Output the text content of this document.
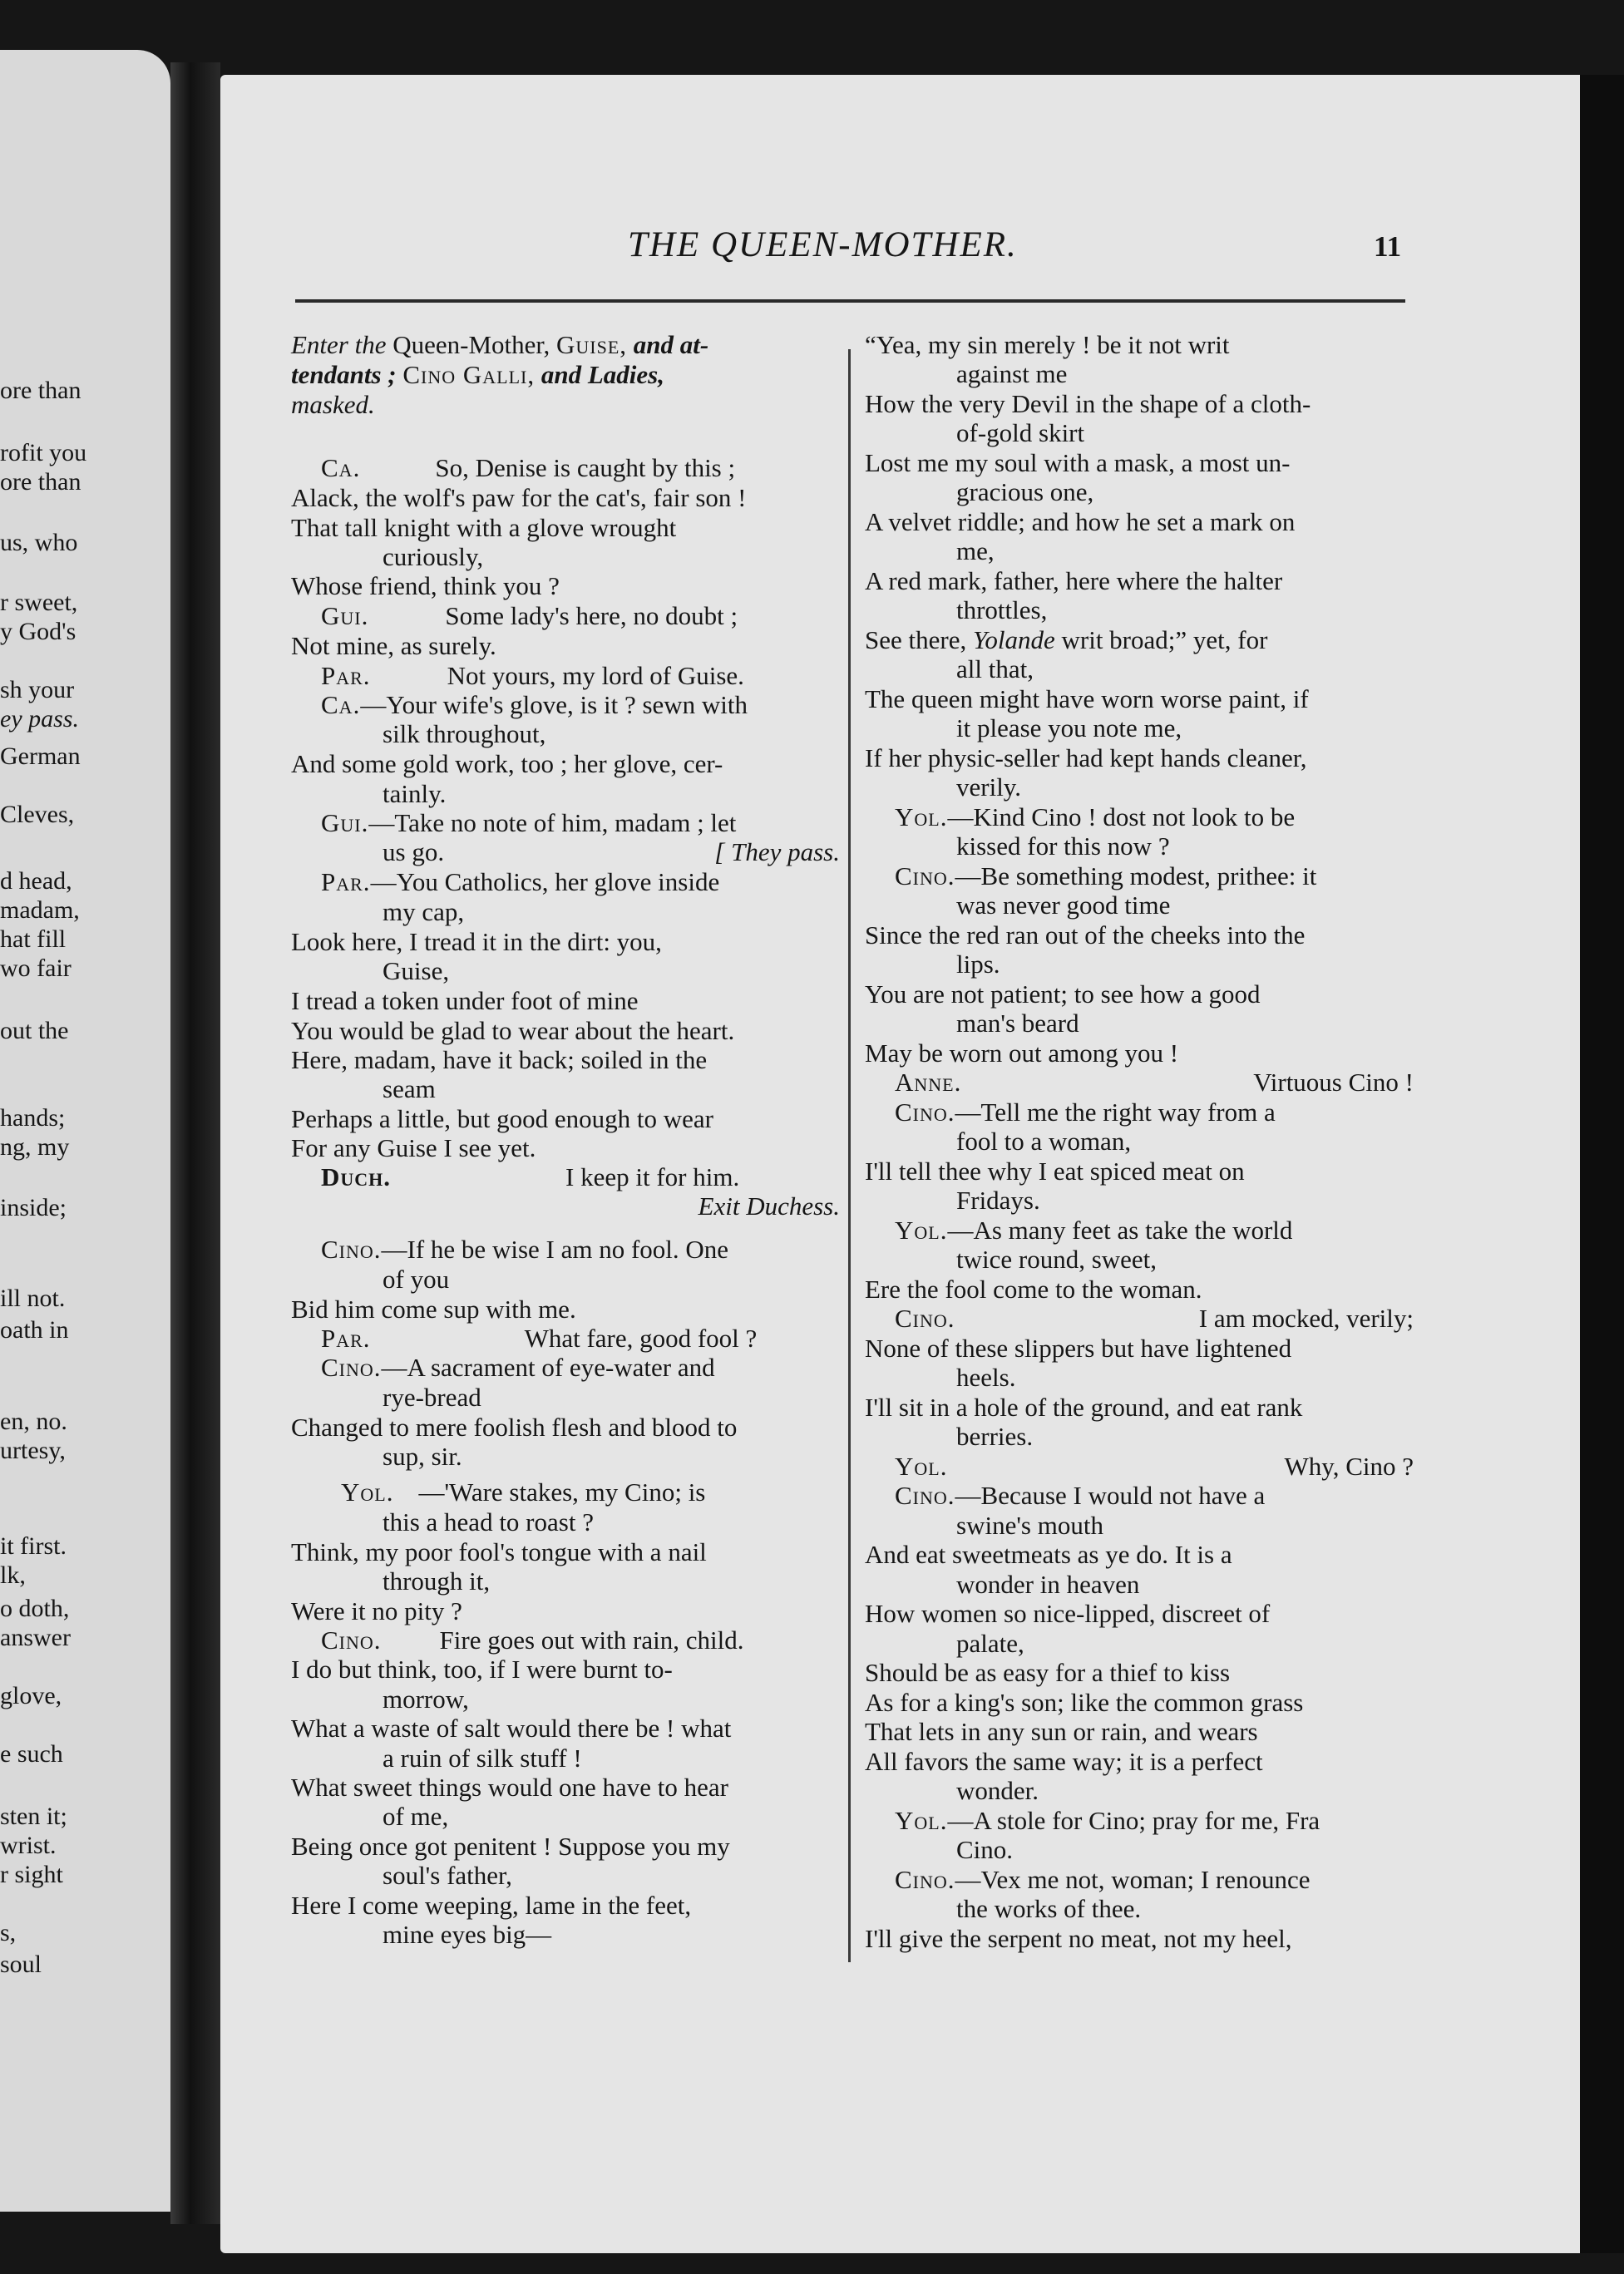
ore than
rofit you
ore than
us, who
r sweet,
y God's
sh your
ey pass.
German
Cleves,
d head,
madam,
hat fill
wo fair
out the
hands;
ng, my
inside;
ill not.
oath in
en, no.
urtesy,
it first.
lk,
o doth,
answer
glove,
e such
sten it;
wrist.
r sight
s,
soul
THE QUEEN-MOTHER.	11
Enter the Queen-Mother, Guise, and at-
tendants ; Cino Galli, and Ladies,
masked.
Ca.	So, Denise is caught by this ;
Alack, the wolf's paw for the cat's, fair son !
That tall knight with a glove wrought
curiously,
Whose friend, think you ?
Gui.	Some lady's here, no doubt ;
Not mine, as surely.
Par.	Not yours, my lord of Guise.
Ca.—Your wife's glove, is it ? sewn with
silk throughout,
And some gold work, too ; her glove, cer-
tainly.
Gui.—Take no note of him, madam ; let
us go.	[ They pass.
Par.—You Catholics, her glove inside
my cap,
Look here, I tread it in the dirt: you,
Guise,
I tread a token under foot of mine
You would be glad to wear about the heart.
Here, madam, have it back; soiled in the
seam
Perhaps a little, but good enough to wear
For any Guise I see yet.
Duch.	I keep it for him.
Exit Duchess.
Cino.—If he be wise I am no fool. One
of you
Bid him come sup with me.
Par.	What fare, good fool ?
Cino.—A sacrament of eye-water and
rye-bread
Changed to mere foolish flesh and blood to
sup, sir.
Yol. —'Ware stakes, my Cino; is
this a head to roast ?
Think, my poor fool's tongue with a nail
through it,
Were it no pity ?
Cino. Fire goes out with rain, child.
I do but think, too, if I were burnt to-
morrow,
What a waste of salt would there be ! what
a ruin of silk stuff !
What sweet things would one have to hear
of me,
Being once got penitent ! Suppose you my
soul's father,
Here I come weeping, lame in the feet,
mine eyes big—
“Yea, my sin merely ! be it not writ
against me
How the very Devil in the shape of a cloth-
of-gold skirt
Lost me my soul with a mask, a most un-
gracious one,
A velvet riddle; and how he set a mark on
me,
A red mark, father, here where the halter
throttles,
See there, Yolande writ broad;” yet, for
all that,
The queen might have worn worse paint, if
it please you note me,
If her physic-seller had kept hands cleaner,
verily.
Yol.—Kind Cino ! dost not look to be
kissed for this now ?
Cino.—Be something modest, prithee: it
was never good time
Since the red ran out of the cheeks into the
lips.
You are not patient; to see how a good
man's beard
May be worn out among you !
Anne.	Virtuous Cino !
Cino.—Tell me the right way from a
fool to a woman,
I'll tell thee why I eat spiced meat on
Fridays.
Yol.—As many feet as take the world
twice round, sweet,
Ere the fool come to the woman.
Cino.	I am mocked, verily;
None of these slippers but have lightened
heels.
I'll sit in a hole of the ground, and eat rank
berries.
Yol.	Why, Cino ?
Cino.—Because I would not have a
swine's mouth
And eat sweetmeats as ye do. It is a
wonder in heaven
How women so nice-lipped, discreet of
palate,
Should be as easy for a thief to kiss
As for a king's son; like the common grass
That lets in any sun or rain, and wears
All favors the same way; it is a perfect
wonder.
Yol.—A stole for Cino; pray for me, Fra
Cino.
Cino.—Vex me not, woman; I renounce
the works of thee.
I'll give the serpent no meat, not my heel,
